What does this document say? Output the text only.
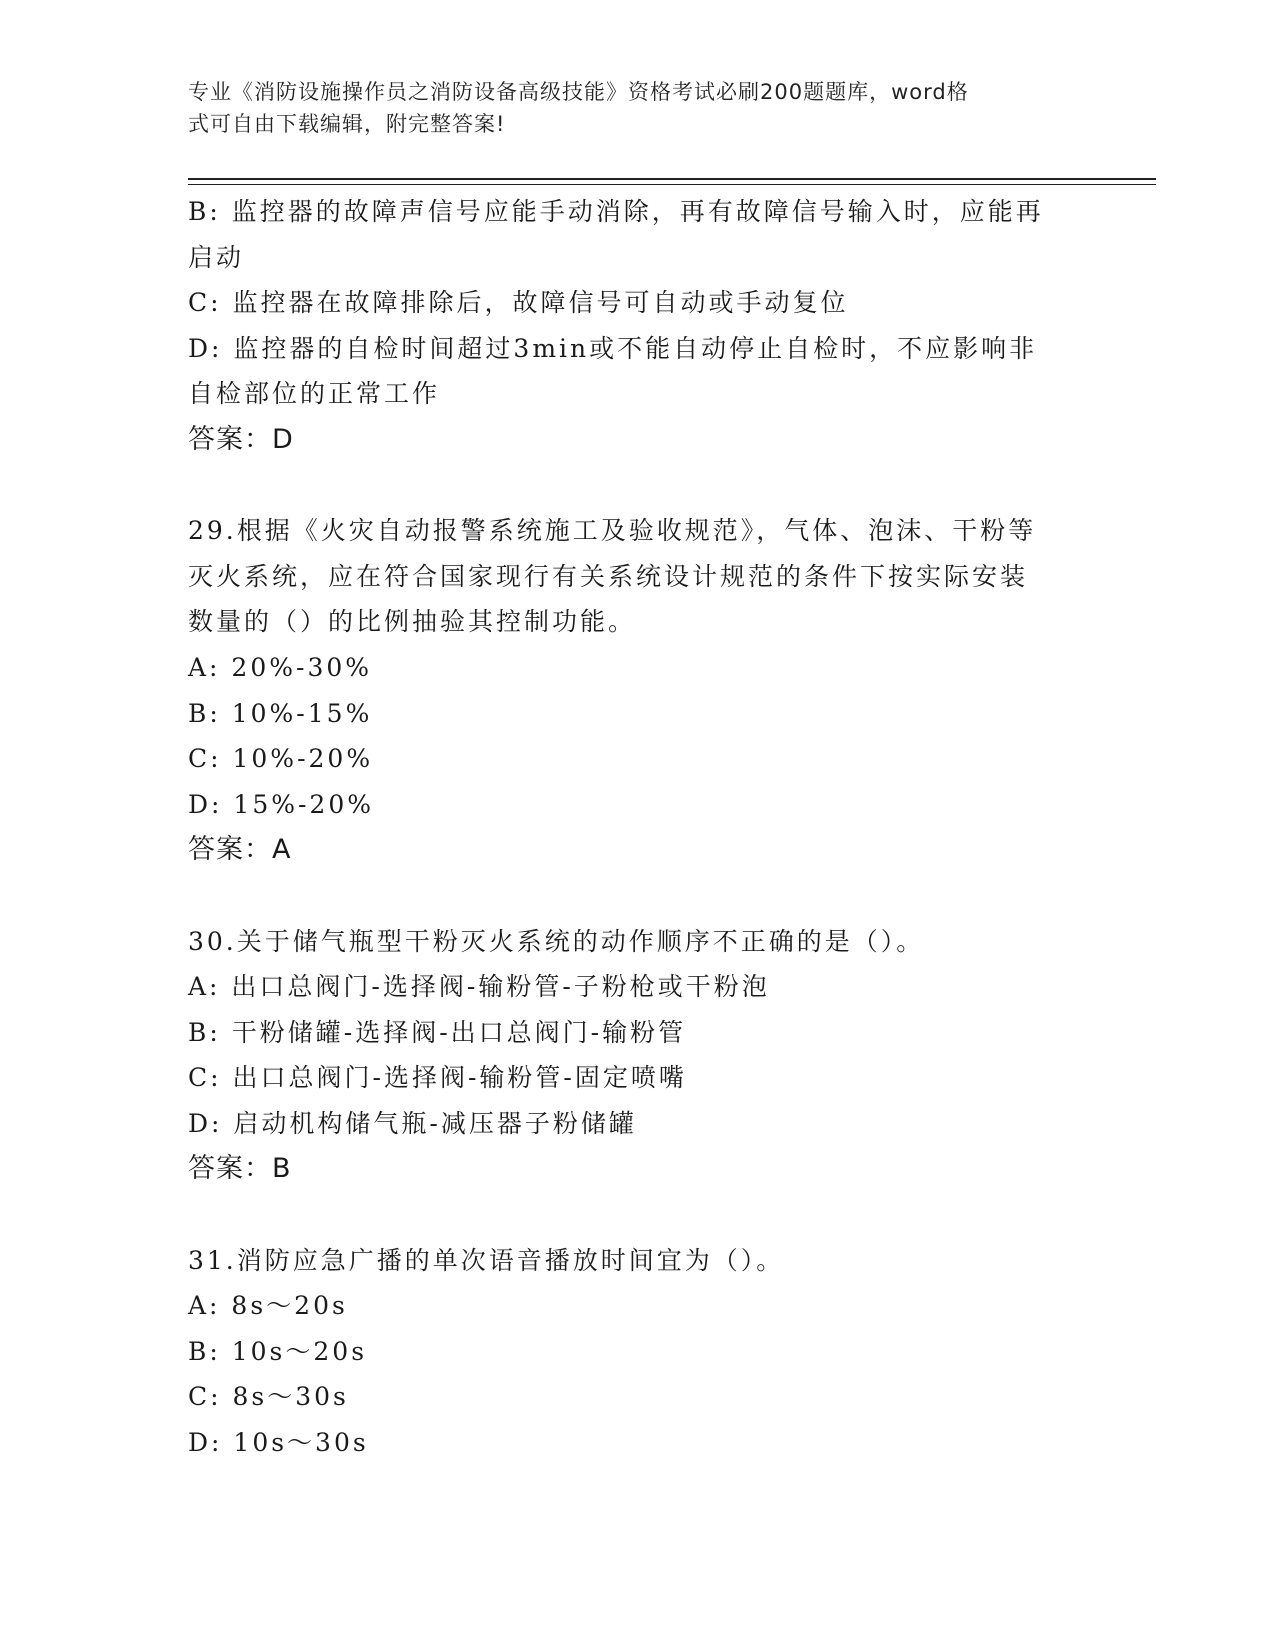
专业《消防设施操作员之消防设备高级技能》资格考试必刷200题题库，word格
式可自由下载编辑，附完整答案!
B: 监控器的故障声信号应能手动消除，再有故障信号输入时，应能再
启动
C: 监控器在故障排除后，故障信号可自动或手动复位
D: 监控器的自检时间超过3min或不能自动停止自检时，不应影响非
自检部位的正常工作
答案：D
29.根据《火灾自动报警系统施工及验收规范》，气体、泡沫、干粉等
灭火系统，应在符合国家现行有关系统设计规范的条件下按实际安装
数量的（）的比例抽验其控制功能。
A: 20%-30%
B: 10%-15%
C: 10%-20%
D: 15%-20%
答案：A
30.关于储气瓶型干粉灭火系统的动作顺序不正确的是（）。
A: 出口总阀门-选择阀-输粉管-子粉枪或干粉泡
B: 干粉储罐-选择阀-出口总阀门-输粉管
C: 出口总阀门-选择阀-输粉管-固定喷嘴
D: 启动机构储气瓶-减压器子粉储罐
答案：B
31.消防应急广播的单次语音播放时间宜为（）。
A: 8s～20s
B: 10s～20s
C: 8s～30s
D: 10s～30s
